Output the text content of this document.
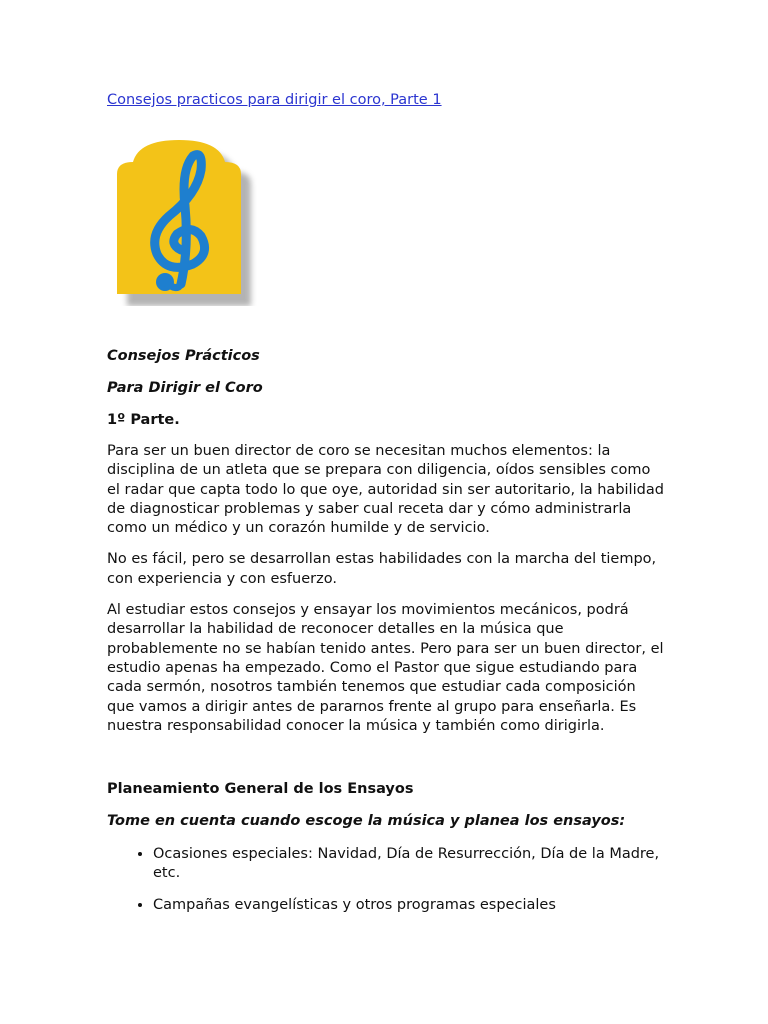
Consejos practicos para dirigir el coro, Parte 1

Consejos Prácticos

Para Dirigir el Coro

1º Parte.

Para ser un buen director de coro se necesitan muchos elementos: la disciplina de un atleta que se prepara con diligencia, oídos sensibles como el radar que capta todo lo que oye, autoridad sin ser autoritario, la habilidad de diagnosticar problemas y saber cual receta dar y cómo administrarla como un médico y un corazón humilde y de servicio.

No es fácil, pero se desarrollan estas habilidades con la marcha del tiempo, con experiencia y con esfuerzo.

Al estudiar estos consejos y ensayar los movimientos mecánicos, podrá desarrollar la habilidad de reconocer detalles en la música que probablemente no se habían tenido antes. Pero para ser un buen director, el estudio apenas ha empezado. Como el Pastor que sigue estudiando para cada sermón, nosotros también tenemos que estudiar cada composición que vamos a dirigir antes de pararnos frente al grupo para enseñarla. Es nuestra responsabilidad conocer la música y también como dirigirla.

Planeamiento General de los Ensayos

Tome en cuenta cuando escoge la música y planea los ensayos:

• Ocasiones especiales: Navidad, Día de Resurrección, Día de la Madre, etc.
• Campañas evangelísticas y otros programas especiales
